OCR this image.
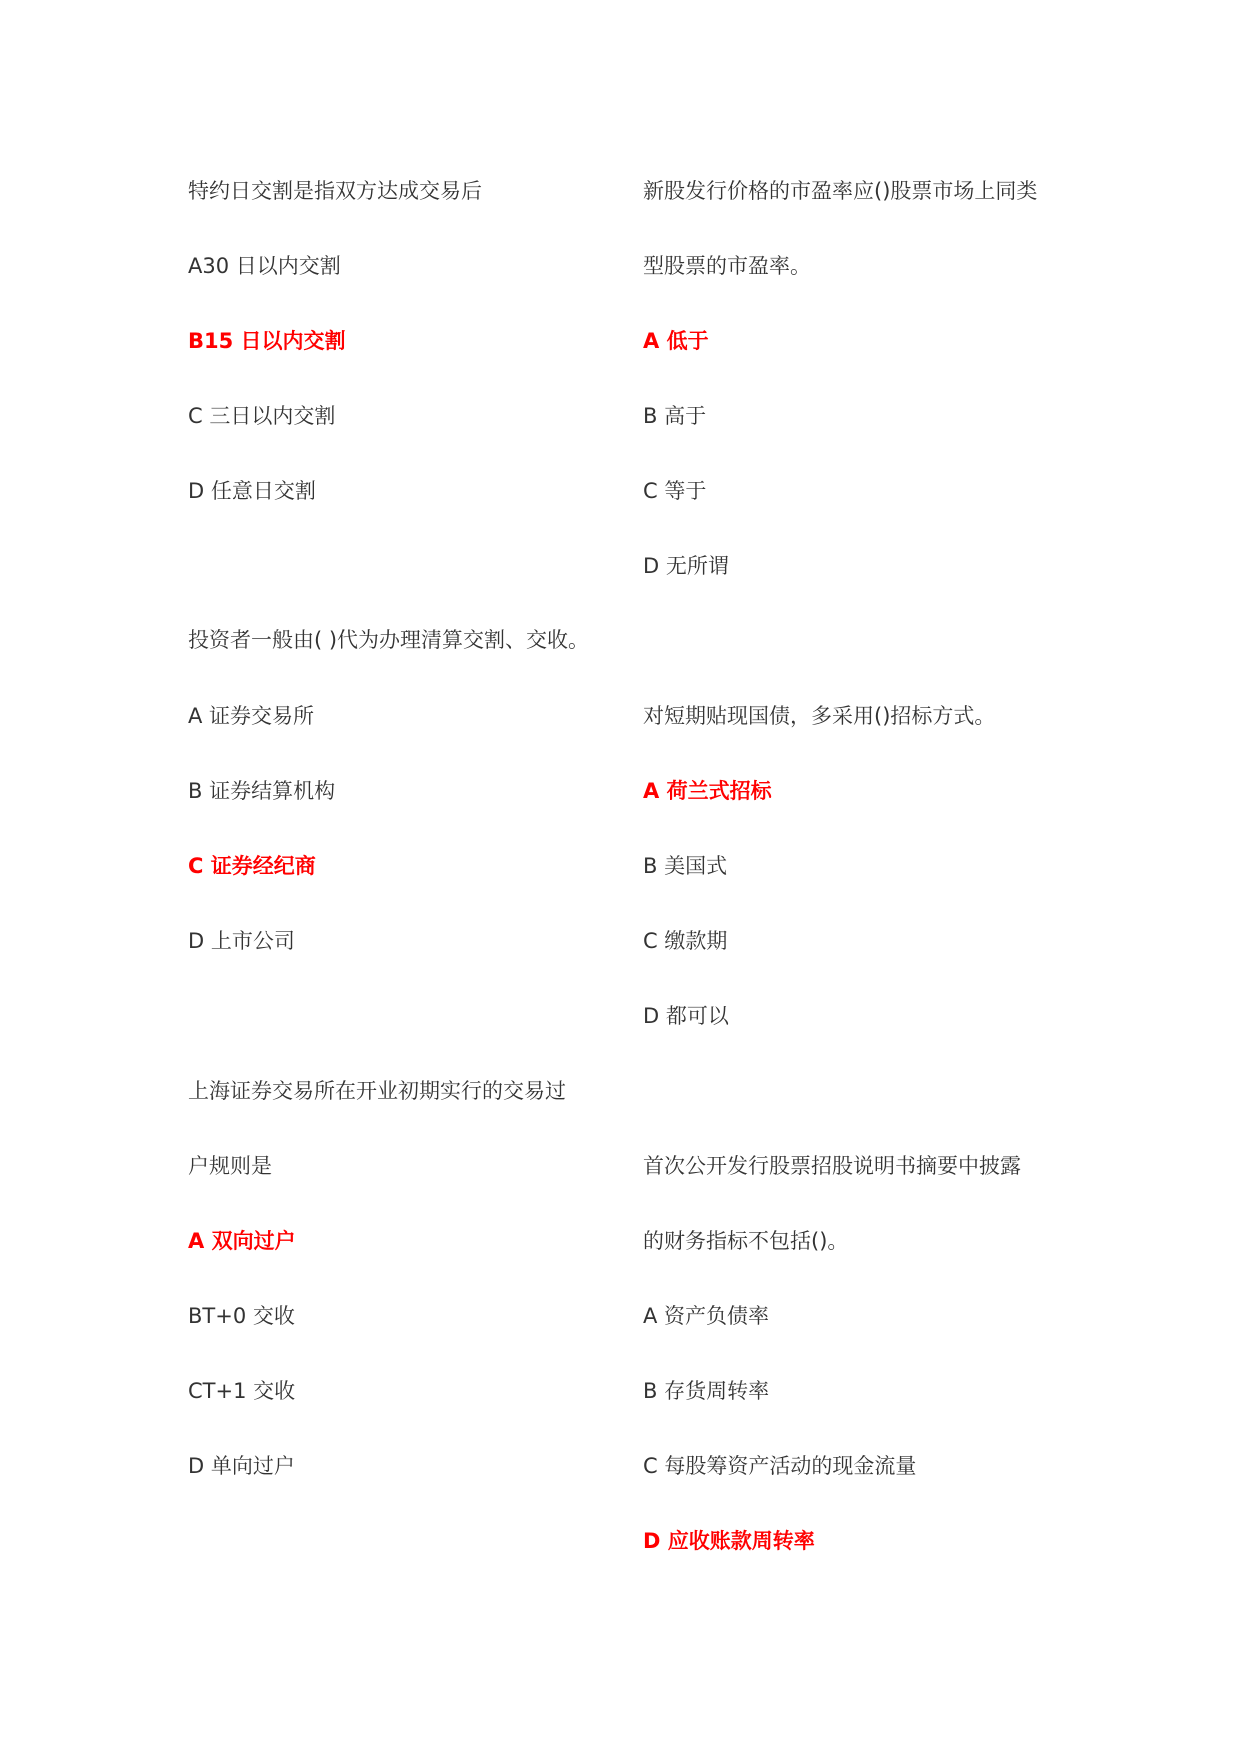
特约日交割是指双方达成交易后
A30 日以内交割
B15 日以内交割
C 三日以内交割
D 任意日交割
投资者一般由( )代为办理清算交割、交收。
A 证券交易所
B 证券结算机构
C 证券经纪商
D 上市公司
上海证券交易所在开业初期实行的交易过
户规则是
A 双向过户
BT+0 交收
CT+1 交收
D 单向过户
新股发行价格的市盈率应()股票市场上同类
型股票的市盈率。
A 低于
B 高于
C 等于
D 无所谓
对短期贴现国债，多采用()招标方式。
A 荷兰式招标
B 美国式
C 缴款期
D 都可以
首次公开发行股票招股说明书摘要中披露
的财务指标不包括()。
A 资产负债率
B 存货周转率
C 每股筹资产活动的现金流量
D 应收账款周转率
